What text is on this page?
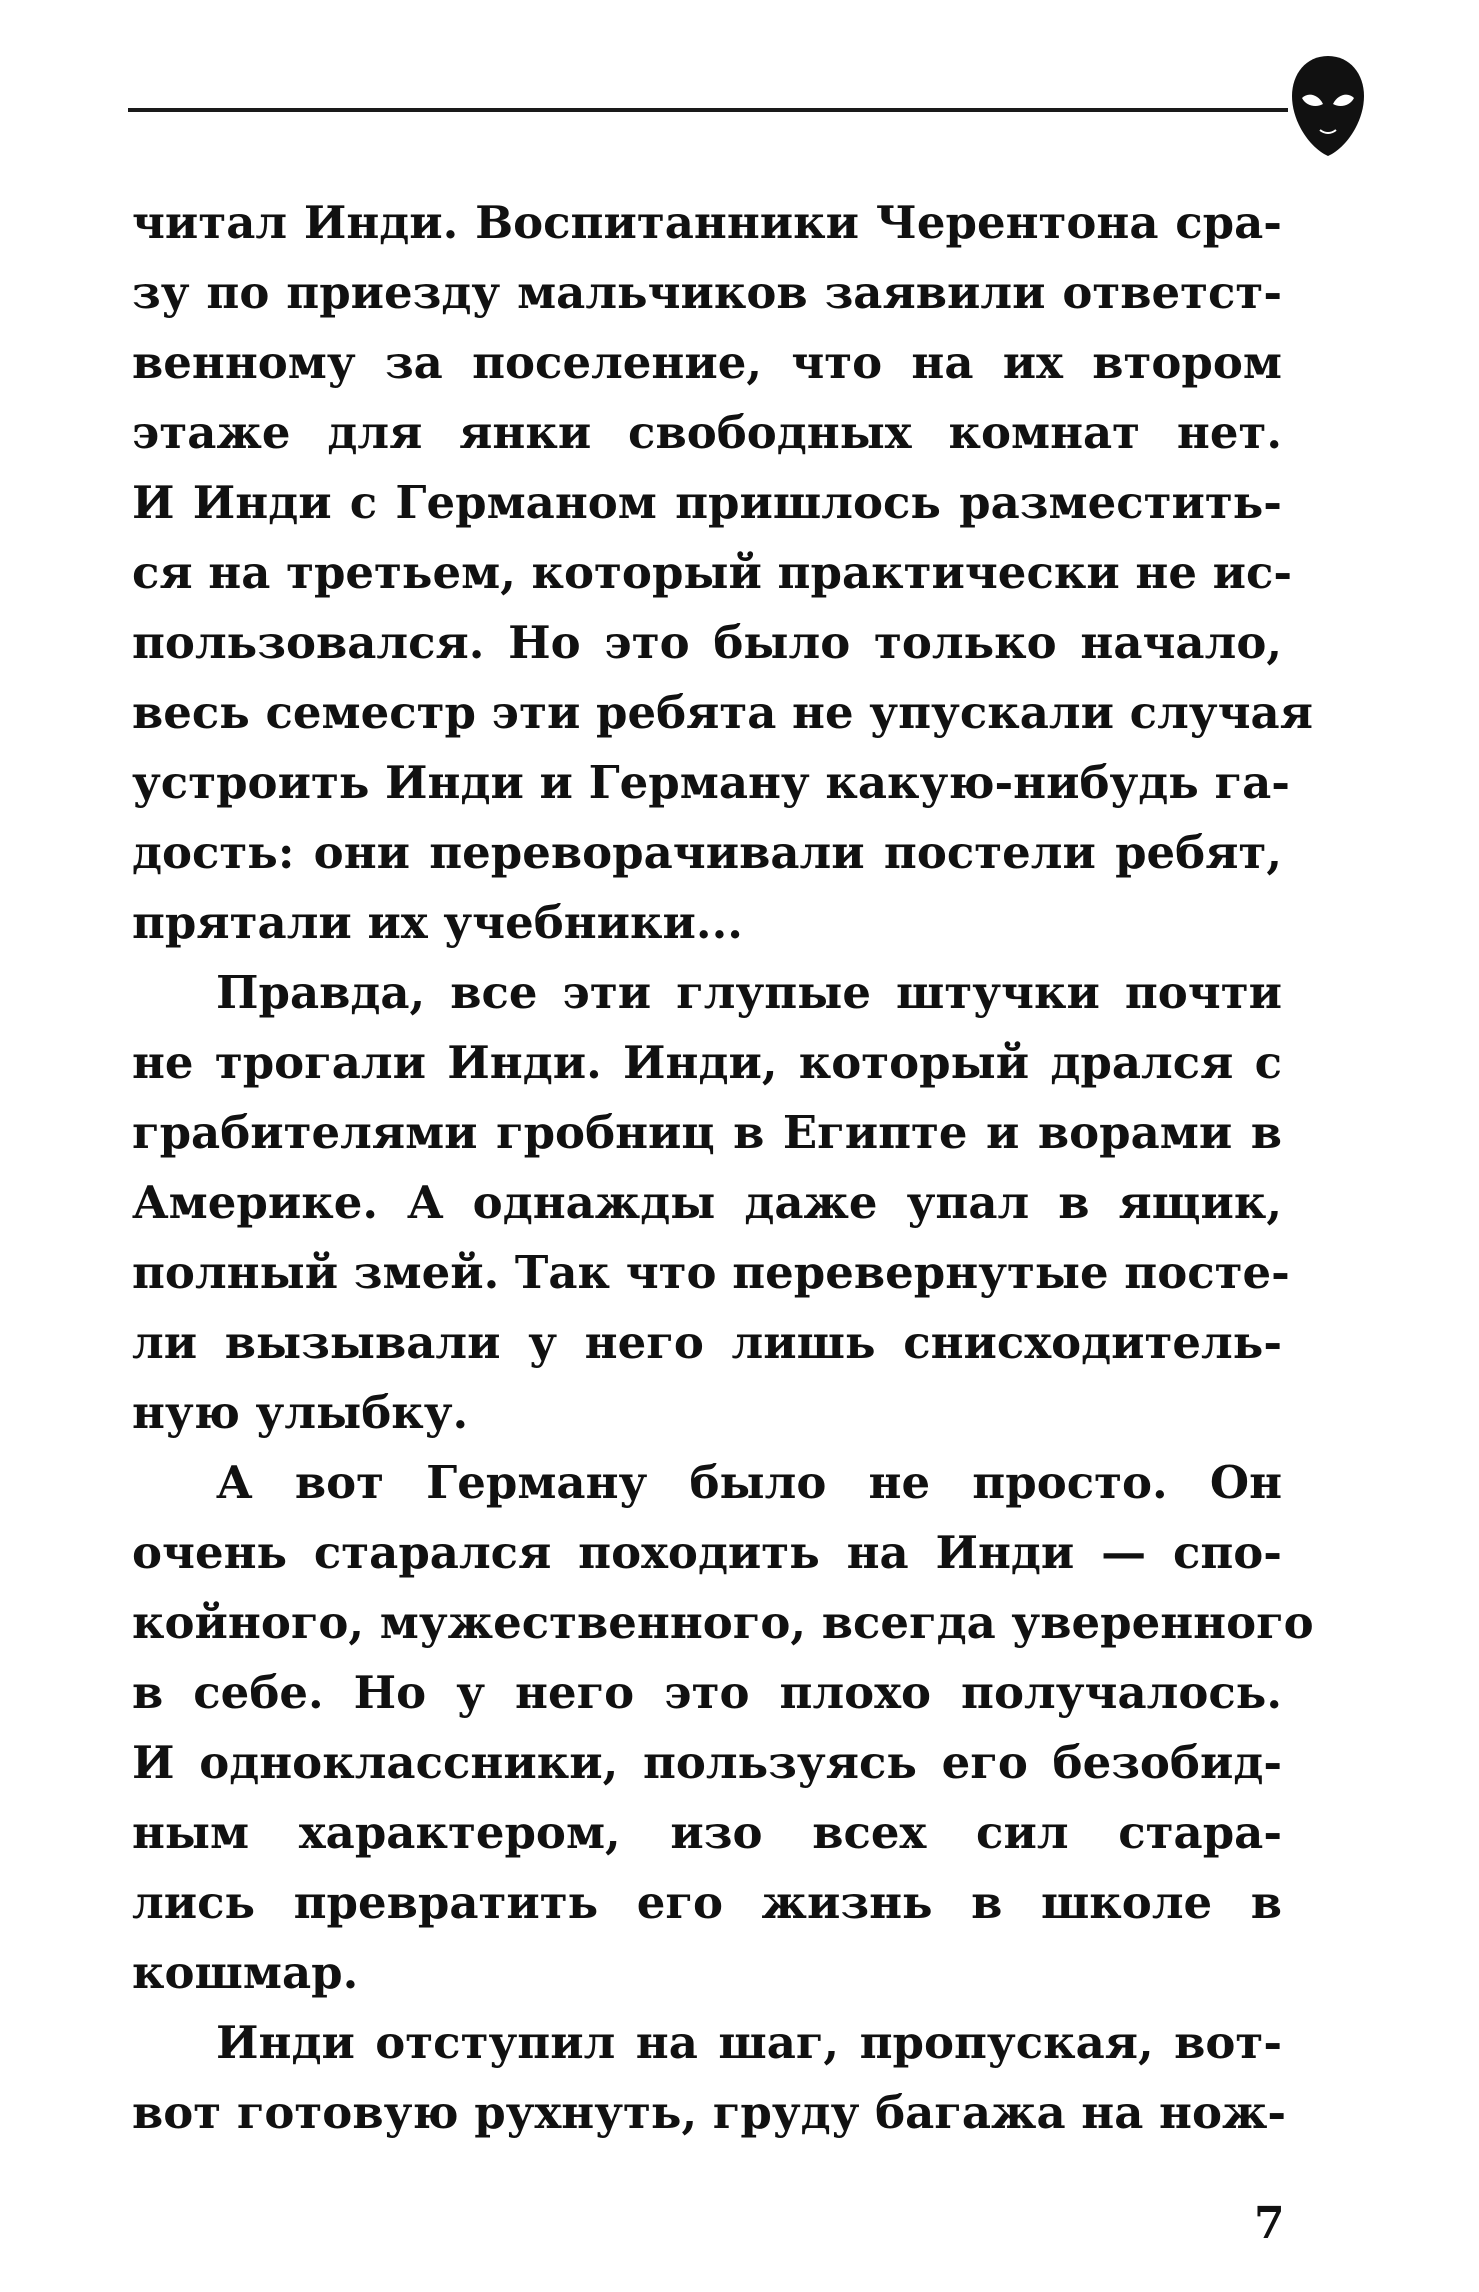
читал Инди. Воспитанники Черентона сра-
зу по приезду мальчиков заявили ответст-
венному за поселение, что на их втором
этаже для янки свободных комнат нет.
И Инди с Германом пришлось разместить-
ся на третьем, который практически не ис-
пользовался. Но это было только начало,
весь семестр эти ребята не упускали случая
устроить Инди и Герману какую-нибудь га-
дость: они переворачивали постели ребят,
прятали их учебники...
Правда, все эти глупые штучки почти
не трогали Инди. Инди, который дрался с
грабителями гробниц в Египте и ворами в
Америке. А однажды даже упал в ящик,
полный змей. Так что перевернутые посте-
ли вызывали у него лишь снисходитель-
ную улыбку.
А вот Герману было не просто. Он
очень старался походить на Инди — спо-
койного, мужественного, всегда уверенного
в себе. Но у него это плохо получалось.
И одноклассники, пользуясь его безобид-
ным характером, изо всех сил стара-
лись превратить его жизнь в школе в
кошмар.
Инди отступил на шаг, пропуская, вот-
вот готовую рухнуть, груду багажа на нож-
7
